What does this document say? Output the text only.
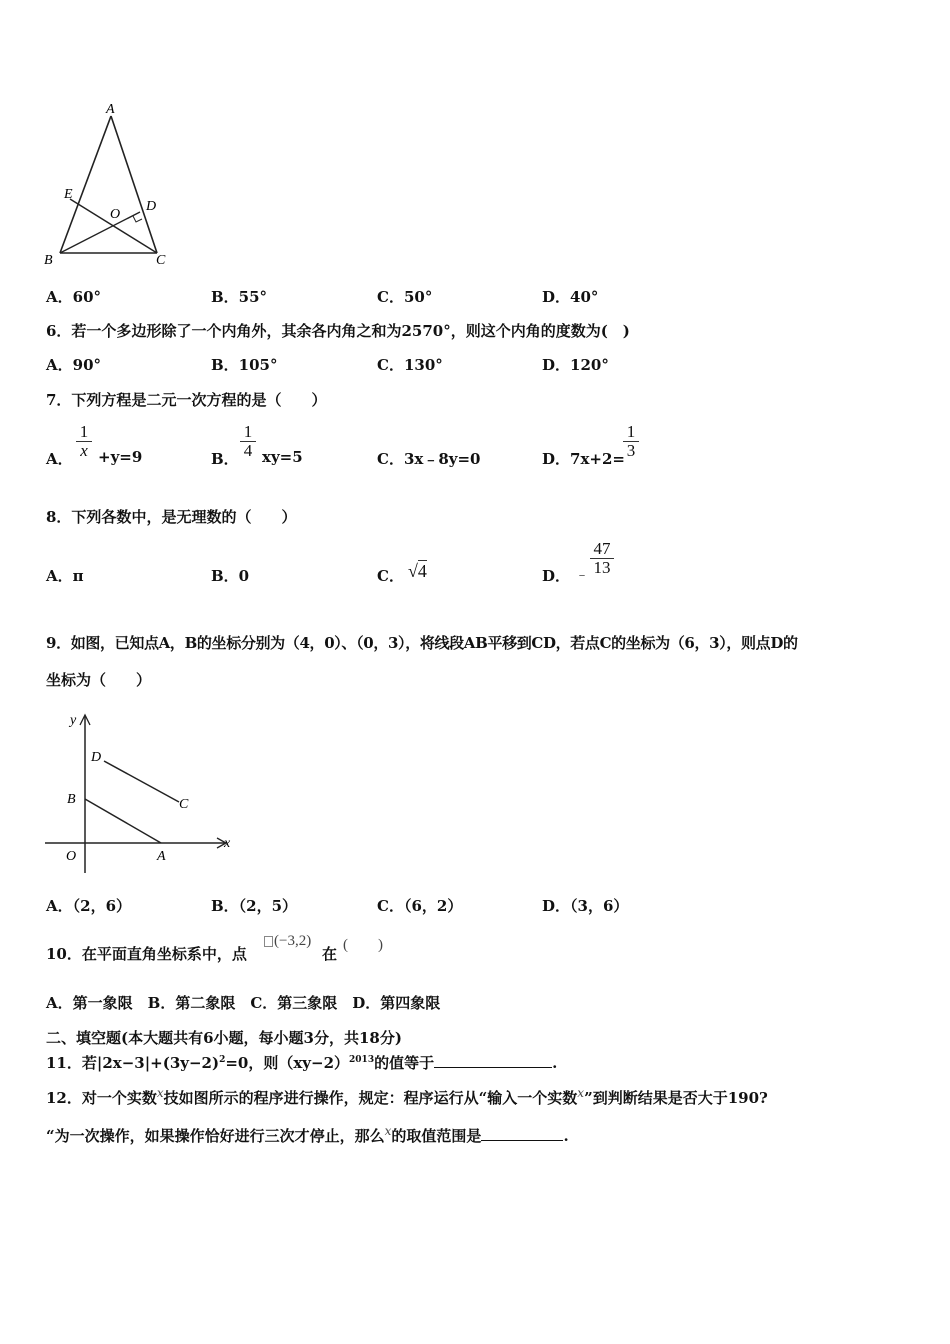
A
E
O
D
B	C
A．60°	B．55°	C．50°	D．40°
6．若一个多边形除了一个内角外，其余各内角之和为2570°，则这个内角的度数为(　)
A．90°	B．105°	C．130°	D．120°
7．下列方程是二元一次方程的是（　　）
A．
1
x +y=9	B．
1
4 xy=5	C．3x﹣8y=0	D．7x+2=
1
3
8．下列各数中，是无理数的（　　）
A．π	B．0	C． √4	D． ﹣
47
13
9．如图，已知点A，B的坐标分别为（4，0）、（0，3），将线段AB平移到CD，若点C的坐标为（6，3），则点D的
坐标为（　　）
y
x
O	A
B	C
D
A．（2，6）	B．（2，5）	C．（6，2）	D．（3，6）
10．在平面直角坐标系中，点
(−3,2)
在 (　　)
A．第一象限　B．第二象限　C．第三象限　D．第四象限
二、填空题(本大题共有6小题，每小题3分，共18分)
11．若$|2x-3|+(3y-2)^2=0$，则$(xy-2)^{2013}$的值等于	.
12．对一个实数$^x$技如图所示的程序进行操作，规定：程序运行从“输入一个实数$^x$”到判断结果是否大于190?
“为一次操作，如果操作恰好进行三次才停止，那么$^x$的取值范围是	.
